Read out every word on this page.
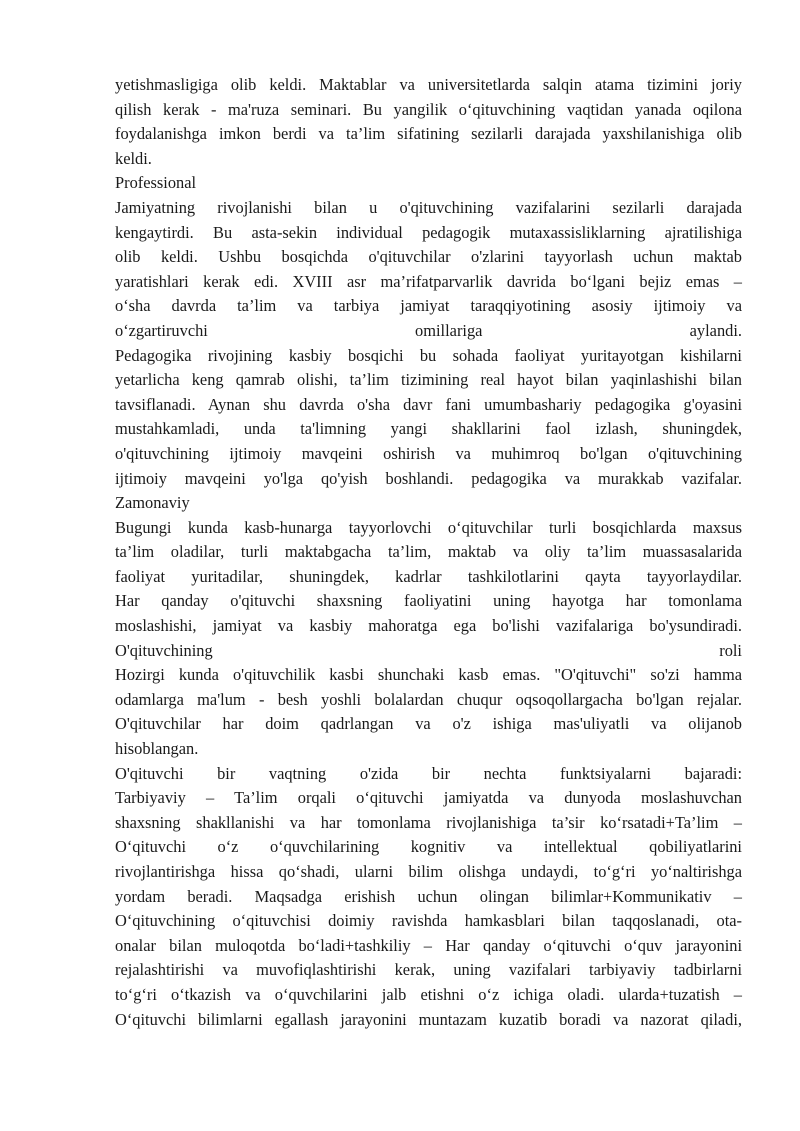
yetishmasligiga olib keldi. Maktablar va universitetlarda salqin atama tizimini joriy
qilish kerak - ma'ruza seminari. Bu yangilik o‘qituvchining vaqtidan yanada oqilona
foydalanishga imkon berdi va ta’lim sifatining sezilarli darajada yaxshilanishiga olib
keldi.
Professional
Jamiyatning rivojlanishi bilan u o'qituvchining vazifalarini sezilarli darajada
kengaytirdi. Bu asta-sekin individual pedagogik mutaxassisliklarning ajratilishiga
olib keldi. Ushbu bosqichda o'qituvchilar o'zlarini tayyorlash uchun maktab
yaratishlari kerak edi. XVIII asr ma’rifatparvarlik davrida bo‘lgani bejiz emas –
o‘sha davrda ta’lim va tarbiya jamiyat taraqqiyotining asosiy ijtimoiy va
o‘zgartiruvchi omillariga aylandi.
Pedagogika rivojining kasbiy bosqichi bu sohada faoliyat yuritayotgan kishilarni
yetarlicha keng qamrab olishi, ta’lim tizimining real hayot bilan yaqinlashishi bilan
tavsiflanadi. Aynan shu davrda o'sha davr fani umumbashariy pedagogika g'oyasini
mustahkamladi, unda ta'limning yangi shakllarini faol izlash, shuningdek,
o'qituvchining ijtimoiy mavqeini oshirish va muhimroq bo'lgan o'qituvchining
ijtimoiy mavqeini yo'lga qo'yish boshlandi. pedagogika va murakkab vazifalar.
Zamonaviy
Bugungi kunda kasb-hunarga tayyorlovchi o‘qituvchilar turli bosqichlarda maxsus
ta’lim oladilar, turli maktabgacha ta’lim, maktab va oliy ta’lim muassasalarida
faoliyat yuritadilar, shuningdek, kadrlar tashkilotlarini qayta tayyorlaydilar.
Har qanday o'qituvchi shaxsning faoliyatini uning hayotga har tomonlama
moslashishi, jamiyat va kasbiy mahoratga ega bo'lishi vazifalariga bo'ysundiradi.
O'qituvchining roli
Hozirgi kunda o'qituvchilik kasbi shunchaki kasb emas. "O'qituvchi" so'zi hamma
odamlarga ma'lum - besh yoshli bolalardan chuqur oqsoqollargacha bo'lgan rejalar.
O'qituvchilar har doim qadrlangan va o'z ishiga mas'uliyatli va olijanob
hisoblangan.
O'qituvchi bir vaqtning o'zida bir nechta funktsiyalarni bajaradi:
Tarbiyaviy – Ta’lim orqali o‘qituvchi jamiyatda va dunyoda moslashuvchan
shaxsning shakllanishi va har tomonlama rivojlanishiga ta’sir ko‘rsatadi+Ta’lim –
O‘qituvchi o‘z o‘quvchilarining kognitiv va intellektual qobiliyatlarini
rivojlantirishga hissa qo‘shadi, ularni bilim olishga undaydi, to‘g‘ri yo‘naltirishga
yordam beradi. Maqsadga erishish uchun olingan bilimlar+Kommunikativ –
O‘qituvchining o‘qituvchisi doimiy ravishda hamkasblari bilan taqqoslanadi, ota-
onalar bilan muloqotda bo‘ladi+tashkiliy – Har qanday o‘qituvchi o‘quv jarayonini
rejalashtirishi va muvofiqlashtirishi kerak, uning vazifalari tarbiyaviy tadbirlarni
to‘g‘ri o‘tkazish va o‘quvchilarini jalb etishni o‘z ichiga oladi. ularda+tuzatish –
O‘qituvchi bilimlarni egallash jarayonini muntazam kuzatib boradi va nazorat qiladi,
